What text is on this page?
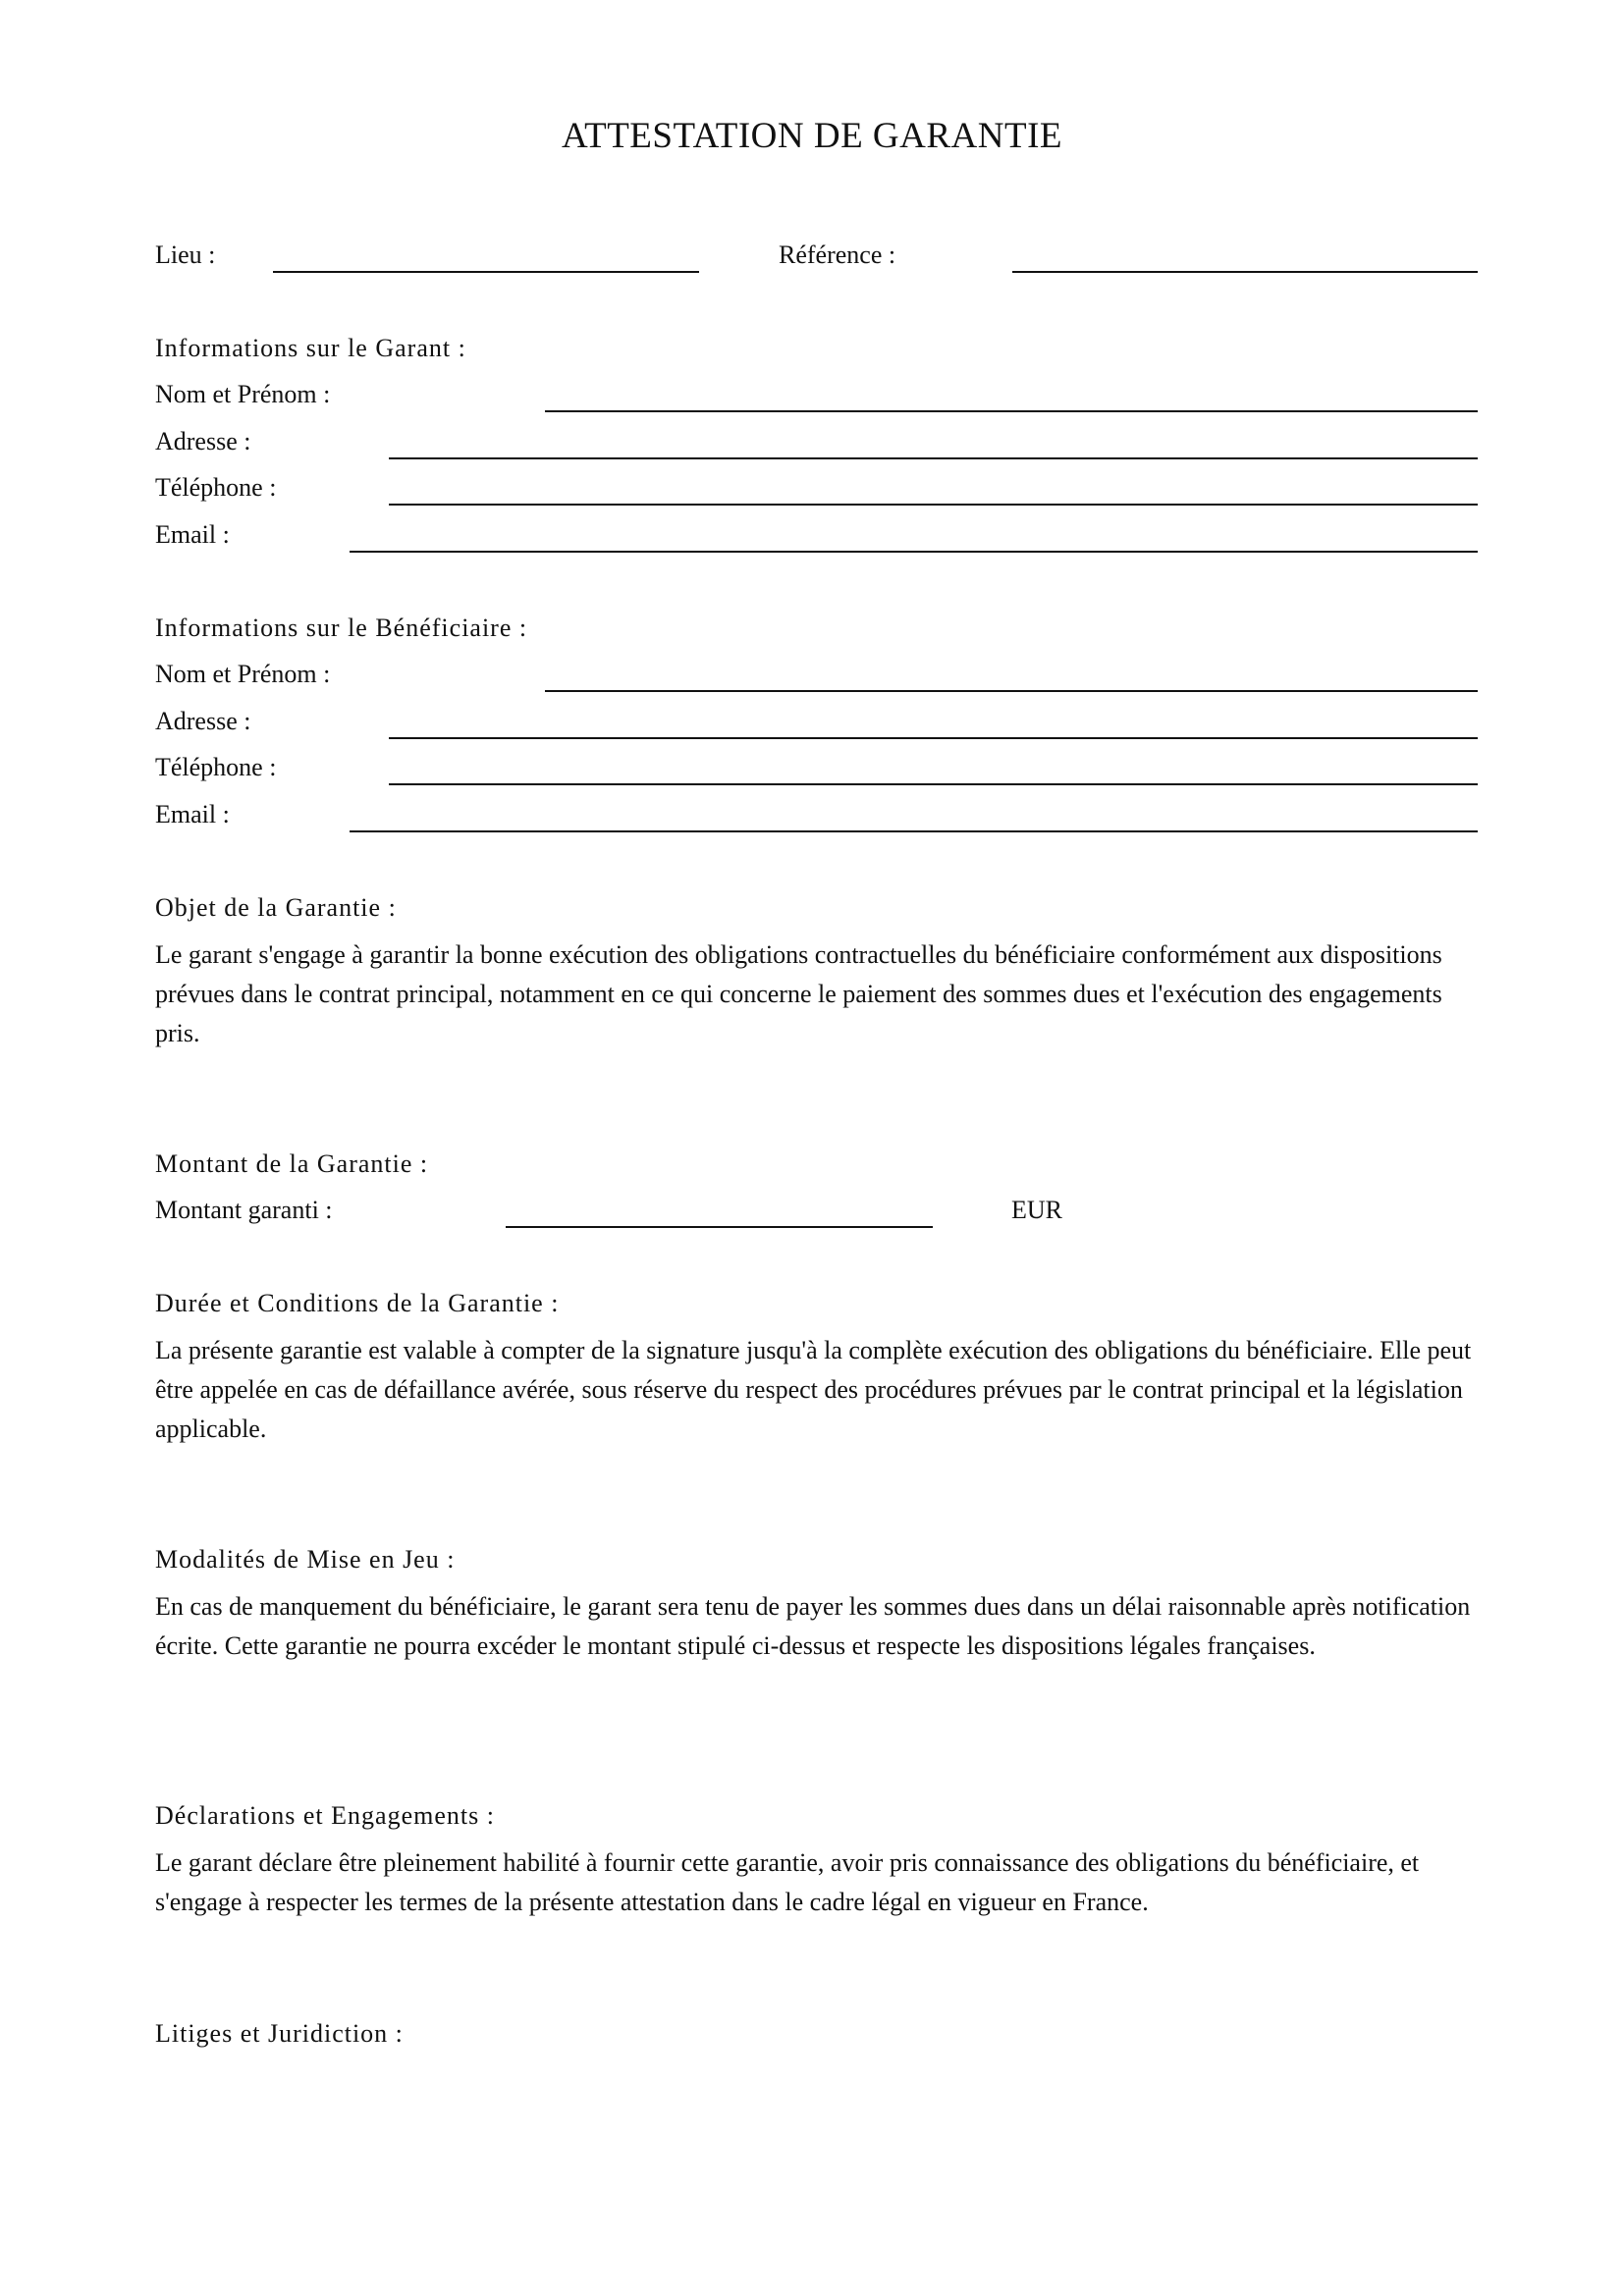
ATTESTATION DE GARANTIE
Lieu :	Référence :
Informations sur le Garant :
Nom et Prénom :
Adresse :
Téléphone :
Email :
Informations sur le Bénéficiaire :
Nom et Prénom :
Adresse :
Téléphone :
Email :
Objet de la Garantie :
Le garant s'engage à garantir la bonne exécution des obligations contractuelles du bénéficiaire conformément aux dispositions prévues dans le contrat principal, notamment en ce qui concerne le paiement des sommes dues et l'exécution des engagements pris.
Montant de la Garantie :
Montant garanti :	EUR
Durée et Conditions de la Garantie :
La présente garantie est valable à compter de la signature jusqu'à la complète exécution des obligations du bénéficiaire. Elle peut être appelée en cas de défaillance avérée, sous réserve du respect des procédures prévues par le contrat principal et la législation applicable.
Modalités de Mise en Jeu :
En cas de manquement du bénéficiaire, le garant sera tenu de payer les sommes dues dans un délai raisonnable après notification écrite. Cette garantie ne pourra excéder le montant stipulé ci-dessus et respecte les dispositions légales françaises.
Déclarations et Engagements :
Le garant déclare être pleinement habilité à fournir cette garantie, avoir pris connaissance des obligations du bénéficiaire, et s'engage à respecter les termes de la présente attestation dans le cadre légal en vigueur en France.
Litiges et Juridiction :
